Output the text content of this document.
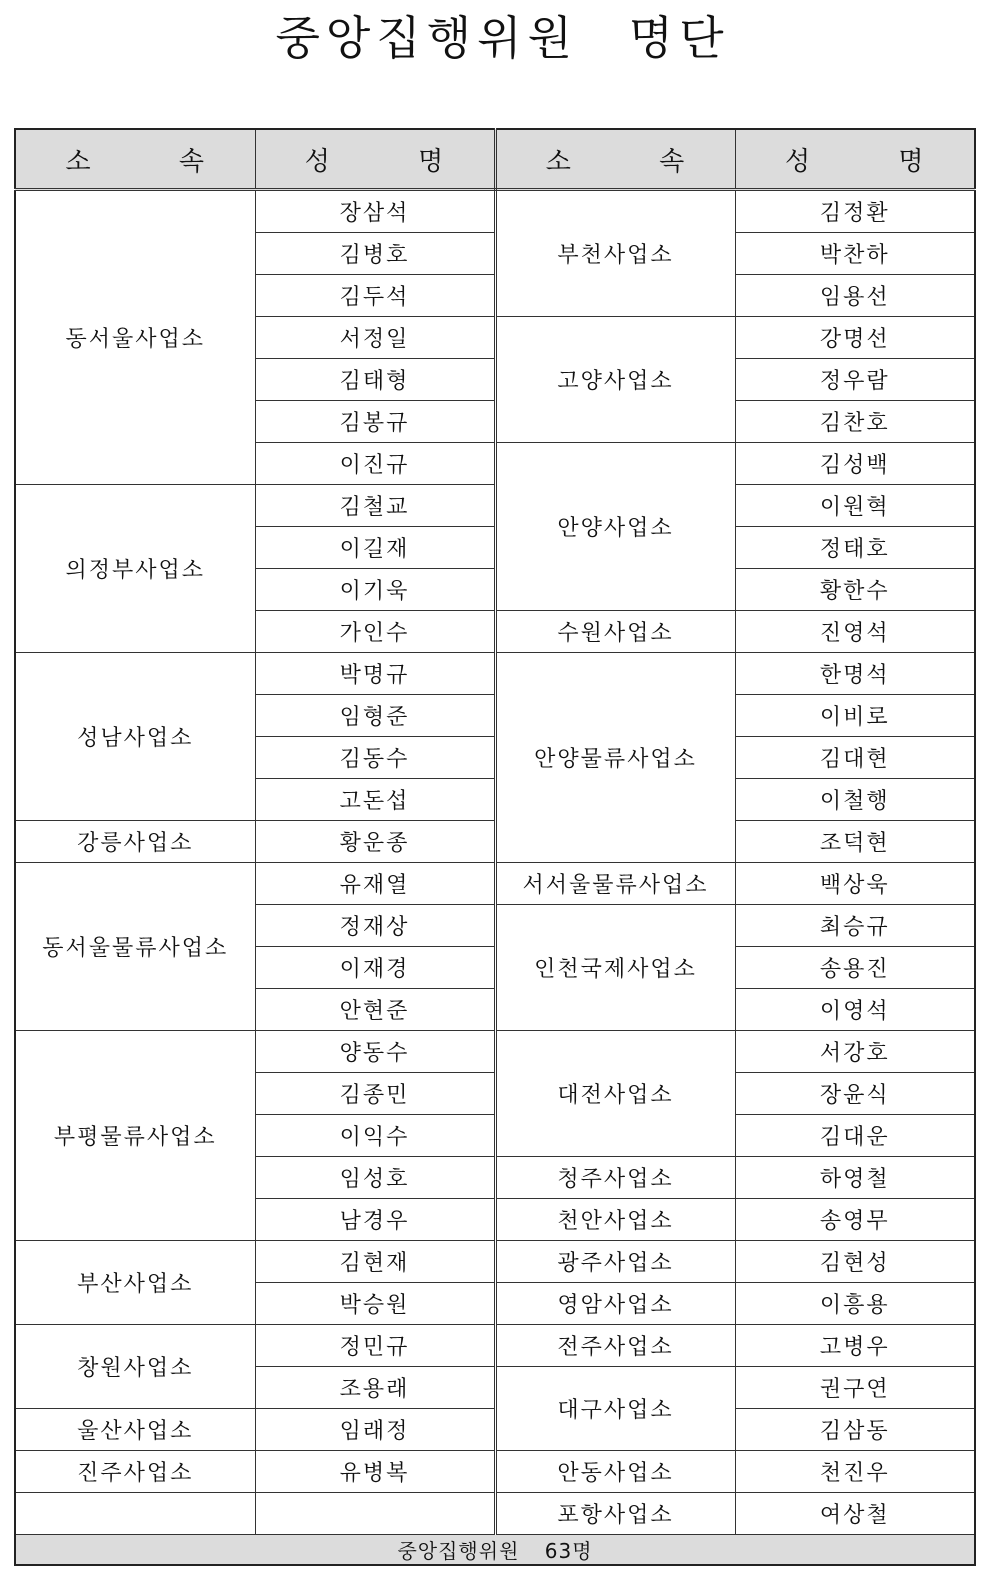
중앙집행위원 명단
소 속	성 명	소 속	성 명
동서울사업소	장삼석	부천사업소	김정환
	김병호		박찬하
	김두석		임용선
	서정일	고양사업소	강명선
	김태형		정우람
	김봉규		김찬호
	이진규	안양사업소	김성백
의정부사업소	김철교		이원혁
	이길재		정태호
	이기욱		황한수
	가인수	수원사업소	진영석
성남사업소	박명규	안양물류사업소	한명석
	임형준		이비로
	김동수		김대현
	고돈섭		이철행
강릉사업소	황운종		조덕현
동서울물류사업소	유재열	서서울물류사업소	백상욱
	정재상	인천국제사업소	최승규
	이재경		송용진
	안현준		이영석
부평물류사업소	양동수	대전사업소	서강호
	김종민		장윤식
	이익수		김대운
	임성호	청주사업소	하영철
	남경우	천안사업소	송영무
부산사업소	김현재	광주사업소	김현성
	박승원	영암사업소	이흥용
창원사업소	정민규	전주사업소	고병우
	조용래	대구사업소	권구연
울산사업소	임래정		김삼동
진주사업소	유병복	안동사업소	천진우
		포항사업소	여상철
중앙집행위원 63명			
